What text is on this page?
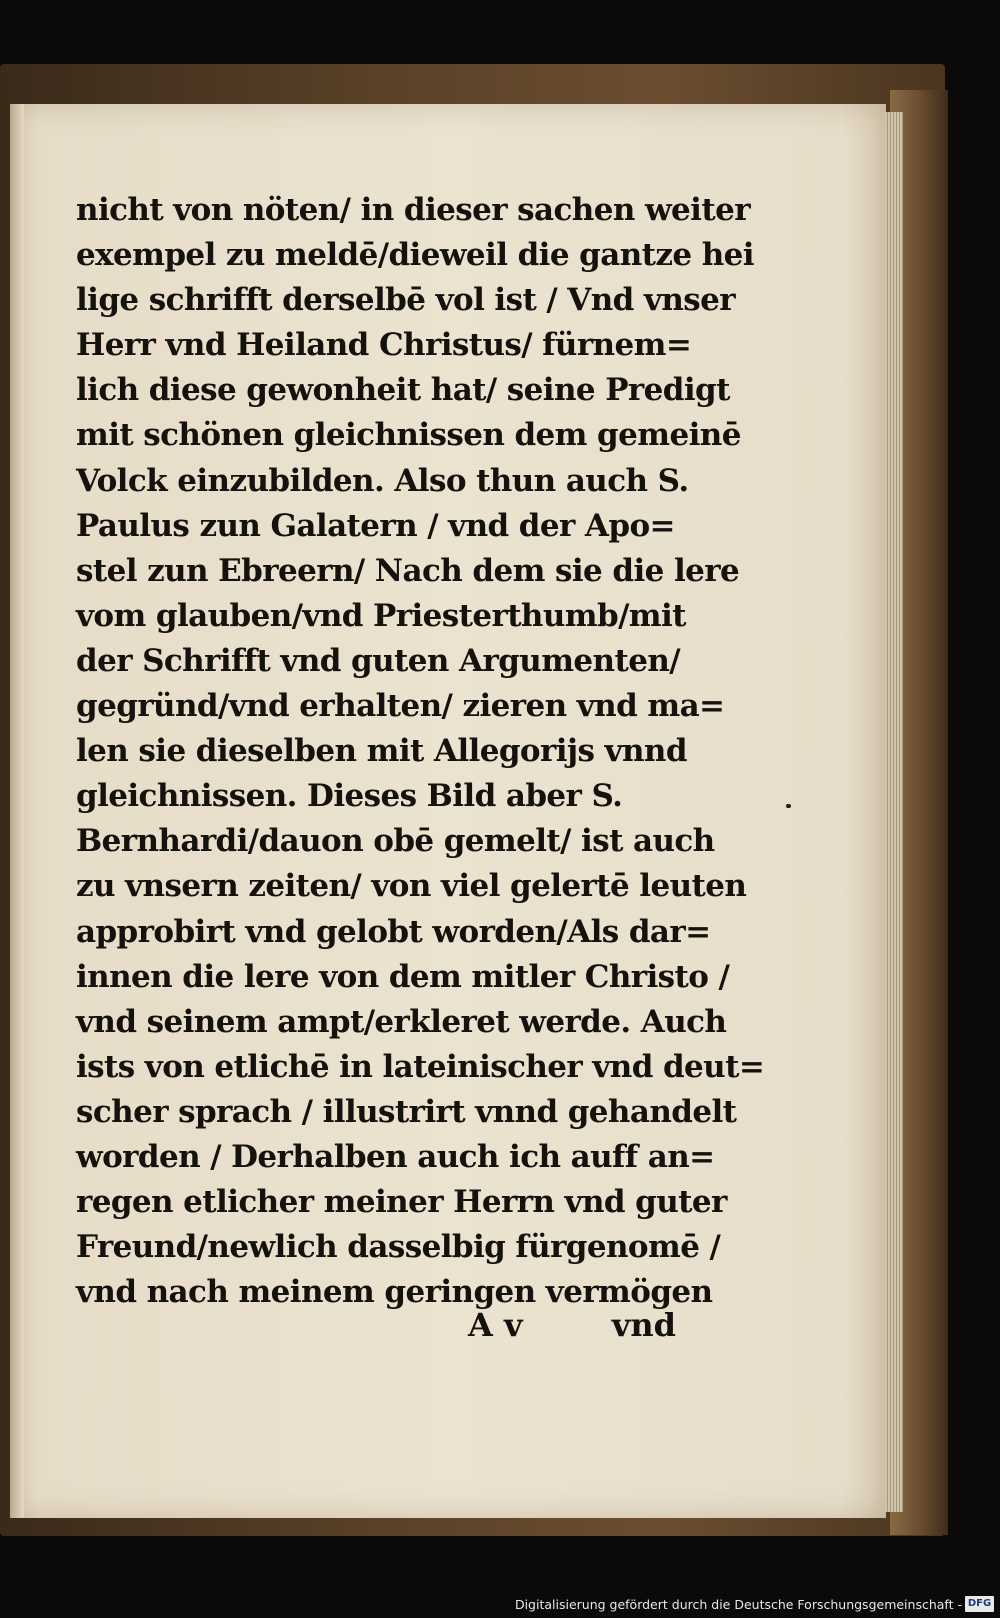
nicht von nöten/ in dieser sachen weiter
exempel zu meldē/dieweil die gantze hei
lige schrifft derselbē vol ist / Vnd vnser
Herr vnd Heiland Christus/ fürnem=
lich diese gewonheit hat/ seine Predigt
mit schönen gleichnissen dem gemeinē
Volck einzubilden. Also thun auch S.
Paulus zun Galatern / vnd der Apo=
stel zun Ebreern/ Nach dem sie die lere
vom glauben/vnd Priesterthumb/mit
der Schrifft vnd guten Argumenten/
gegründ/vnd erhalten/ zieren vnd ma=
len sie dieselben mit Allegorijs vnnd
gleichnissen. Dieses Bild aber S.
Bernhardi/dauon obē gemelt/ ist auch
zu vnsern zeiten/ von viel gelertē leuten
approbirt vnd gelobt worden/Als dar=
innen die lere von dem mitler Christo /
vnd seinem ampt/erkleret werde. Auch
ists von etlichē in lateinischer vnd deut=
scher sprach / illustrirt vnnd gehandelt
worden / Derhalben auch ich auff an=
regen etlicher meiner Herrn vnd guter
Freund/newlich dasselbig fürgenomē /
vnd nach meinem geringen vermögen
A v	vnd
Digitalisierung gefördert durch die Deutsche Forschungsgemeinschaft - DFG
